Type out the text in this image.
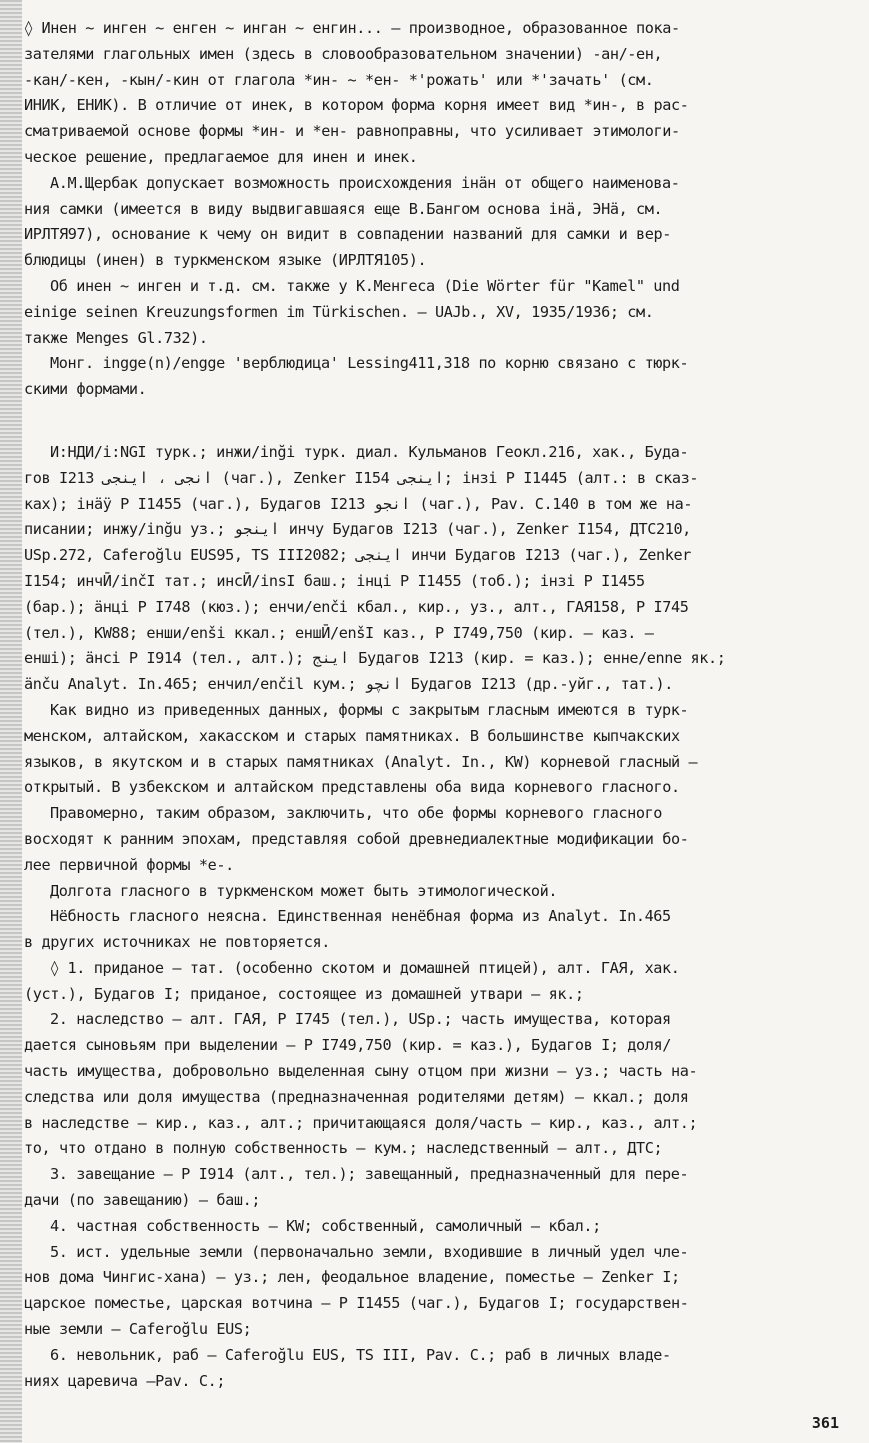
◊ Инен ~ инген ~ енген ~ инган ~ енгин... – производное, образованное пока-
зателями глагольных имен (здесь в словообразовательном значении) -ан/-ен,
-кан/-кен, -кын/-кин от глагола *ин- ~ *ен- *'рожать' или *'зачать' (см.
ИНИК, ЕНИК). В отличие от инек, в котором форма корня имеет вид *ин-, в рас-
сматриваемой основе формы *ин- и *ен- равноправны, что усиливает этимологи-
ческое решение, предлагаемое для инен и инек.
А.М.Щербак допускает возможность происхождения iнäн от общего наименова-
ния самки (имеется в виду выдвигавшаяся еще В.Бангом основа iнä, ЭНä, см.
ИРЛТЯ97), основание к чему он видит в совпадении названий для самки и вер-
блюдицы (инен) в туркменском языке (ИРЛТЯ105).
Об инен ~ инген и т.д. см. также у К.Менгеса (Die Wörter für "Kamel" und
einige seinen Kreuzungsformen im Türkischen. – UAJb., XV, 1935/1936; см.
также Menges Gl.732).
Монг. ingge(n)/engge 'верблюдица' Lessing411,318 по корню связано с тюрк-
скими формами.
И:НДИ/i:NGI турк.; инжи/inği турк. диал. Кульманов Геокл.216, хак., Буда-
гов I213 انجى ، اينجى (чаг.), Zenker I154 اينجى; iнзi P I1445 (алт.: в сказ-
ках); iнäÿ P I1455 (чаг.), Будагов I213 انجو (чаг.), Pav. C.140 в том же на-
писании; инжу/inğu уз.; اينجو инчу Будагов I213 (чаг.), Zenker I154, ДТС210,
USp.272, Caferoğlu EUS95, TS III2082; اينجى инчи Будагов I213 (чаг.), Zenker
I154; инчӢ/inčI тат.; инсӢ/insI баш.; iнцi P I1455 (тоб.); iнзi P I1455
(бар.); äнцi P I748 (кюз.); енчи/enči кбал., кир., уз., алт., ГАЯ158, P I745
(тел.), KW88; енши/enši ккал.; еншӢ/enšI каз., P I749,750 (кир. – каз. –
енші); äнсi P I914 (тел., алт.); اينج Будагов I213 (кир. = каз.); енне/enne як.;
änču Analyt. In.465; енчил/enčil кум.; انچو Будагов I213 (др.-уйг., тат.).
Как видно из приведенных данных, формы с закрытым гласным имеются в турк-
менском, алтайском, хакасском и старых памятниках. В большинстве кыпчакских
языков, в якутском и в старых памятниках (Analyt. In., KW) корневой гласный –
открытый. В узбекском и алтайском представлены оба вида корневого гласного.
Правомерно, таким образом, заключить, что обе формы корневого гласного
восходят к ранним эпохам, представляя собой древнедиалектные модификации бо-
лее первичной формы *е-.
Долгота гласного в туркменском может быть этимологической.
Нёбность гласного неясна. Единственная ненёбная форма из Analyt. In.465
в других источниках не повторяется.
◊ 1. приданое – тат. (особенно скотом и домашней птицей), алт. ГАЯ, хак.
(уст.), Будагов I; приданое, состоящее из домашней утвари – як.;
2. наследство – алт. ГАЯ, P I745 (тел.), USp.; часть имущества, которая
дается сыновьям при выделении – P I749,750 (кир. = каз.), Будагов I; доля/
часть имущества, добровольно выделенная сыну отцом при жизни – уз.; часть на-
следства или доля имущества (предназначенная родителями детям) – ккал.; доля
в наследстве – кир., каз., алт.; причитающаяся доля/часть – кир., каз., алт.;
то, что отдано в полную собственность – кум.; наследственный – алт., ДТС;
3. завещание – P I914 (алт., тел.); завещанный, предназначенный для пере-
дачи (по завещанию) – баш.;
4. частная собственность – KW; собственный, самоличный – кбал.;
5. ист. удельные земли (первоначально земли, входившие в личный удел чле-
нов дома Чингис-хана) – уз.; лен, феодальное владение, поместье – Zenker I;
царское поместье, царская вотчина – P I1455 (чаг.), Будагов I; государствен-
ные земли – Caferoğlu EUS;
6. невольник, раб – Caferoğlu EUS, TS III, Pav. C.; раб в личных владе-
ниях царевича –Pav. C.;
361
